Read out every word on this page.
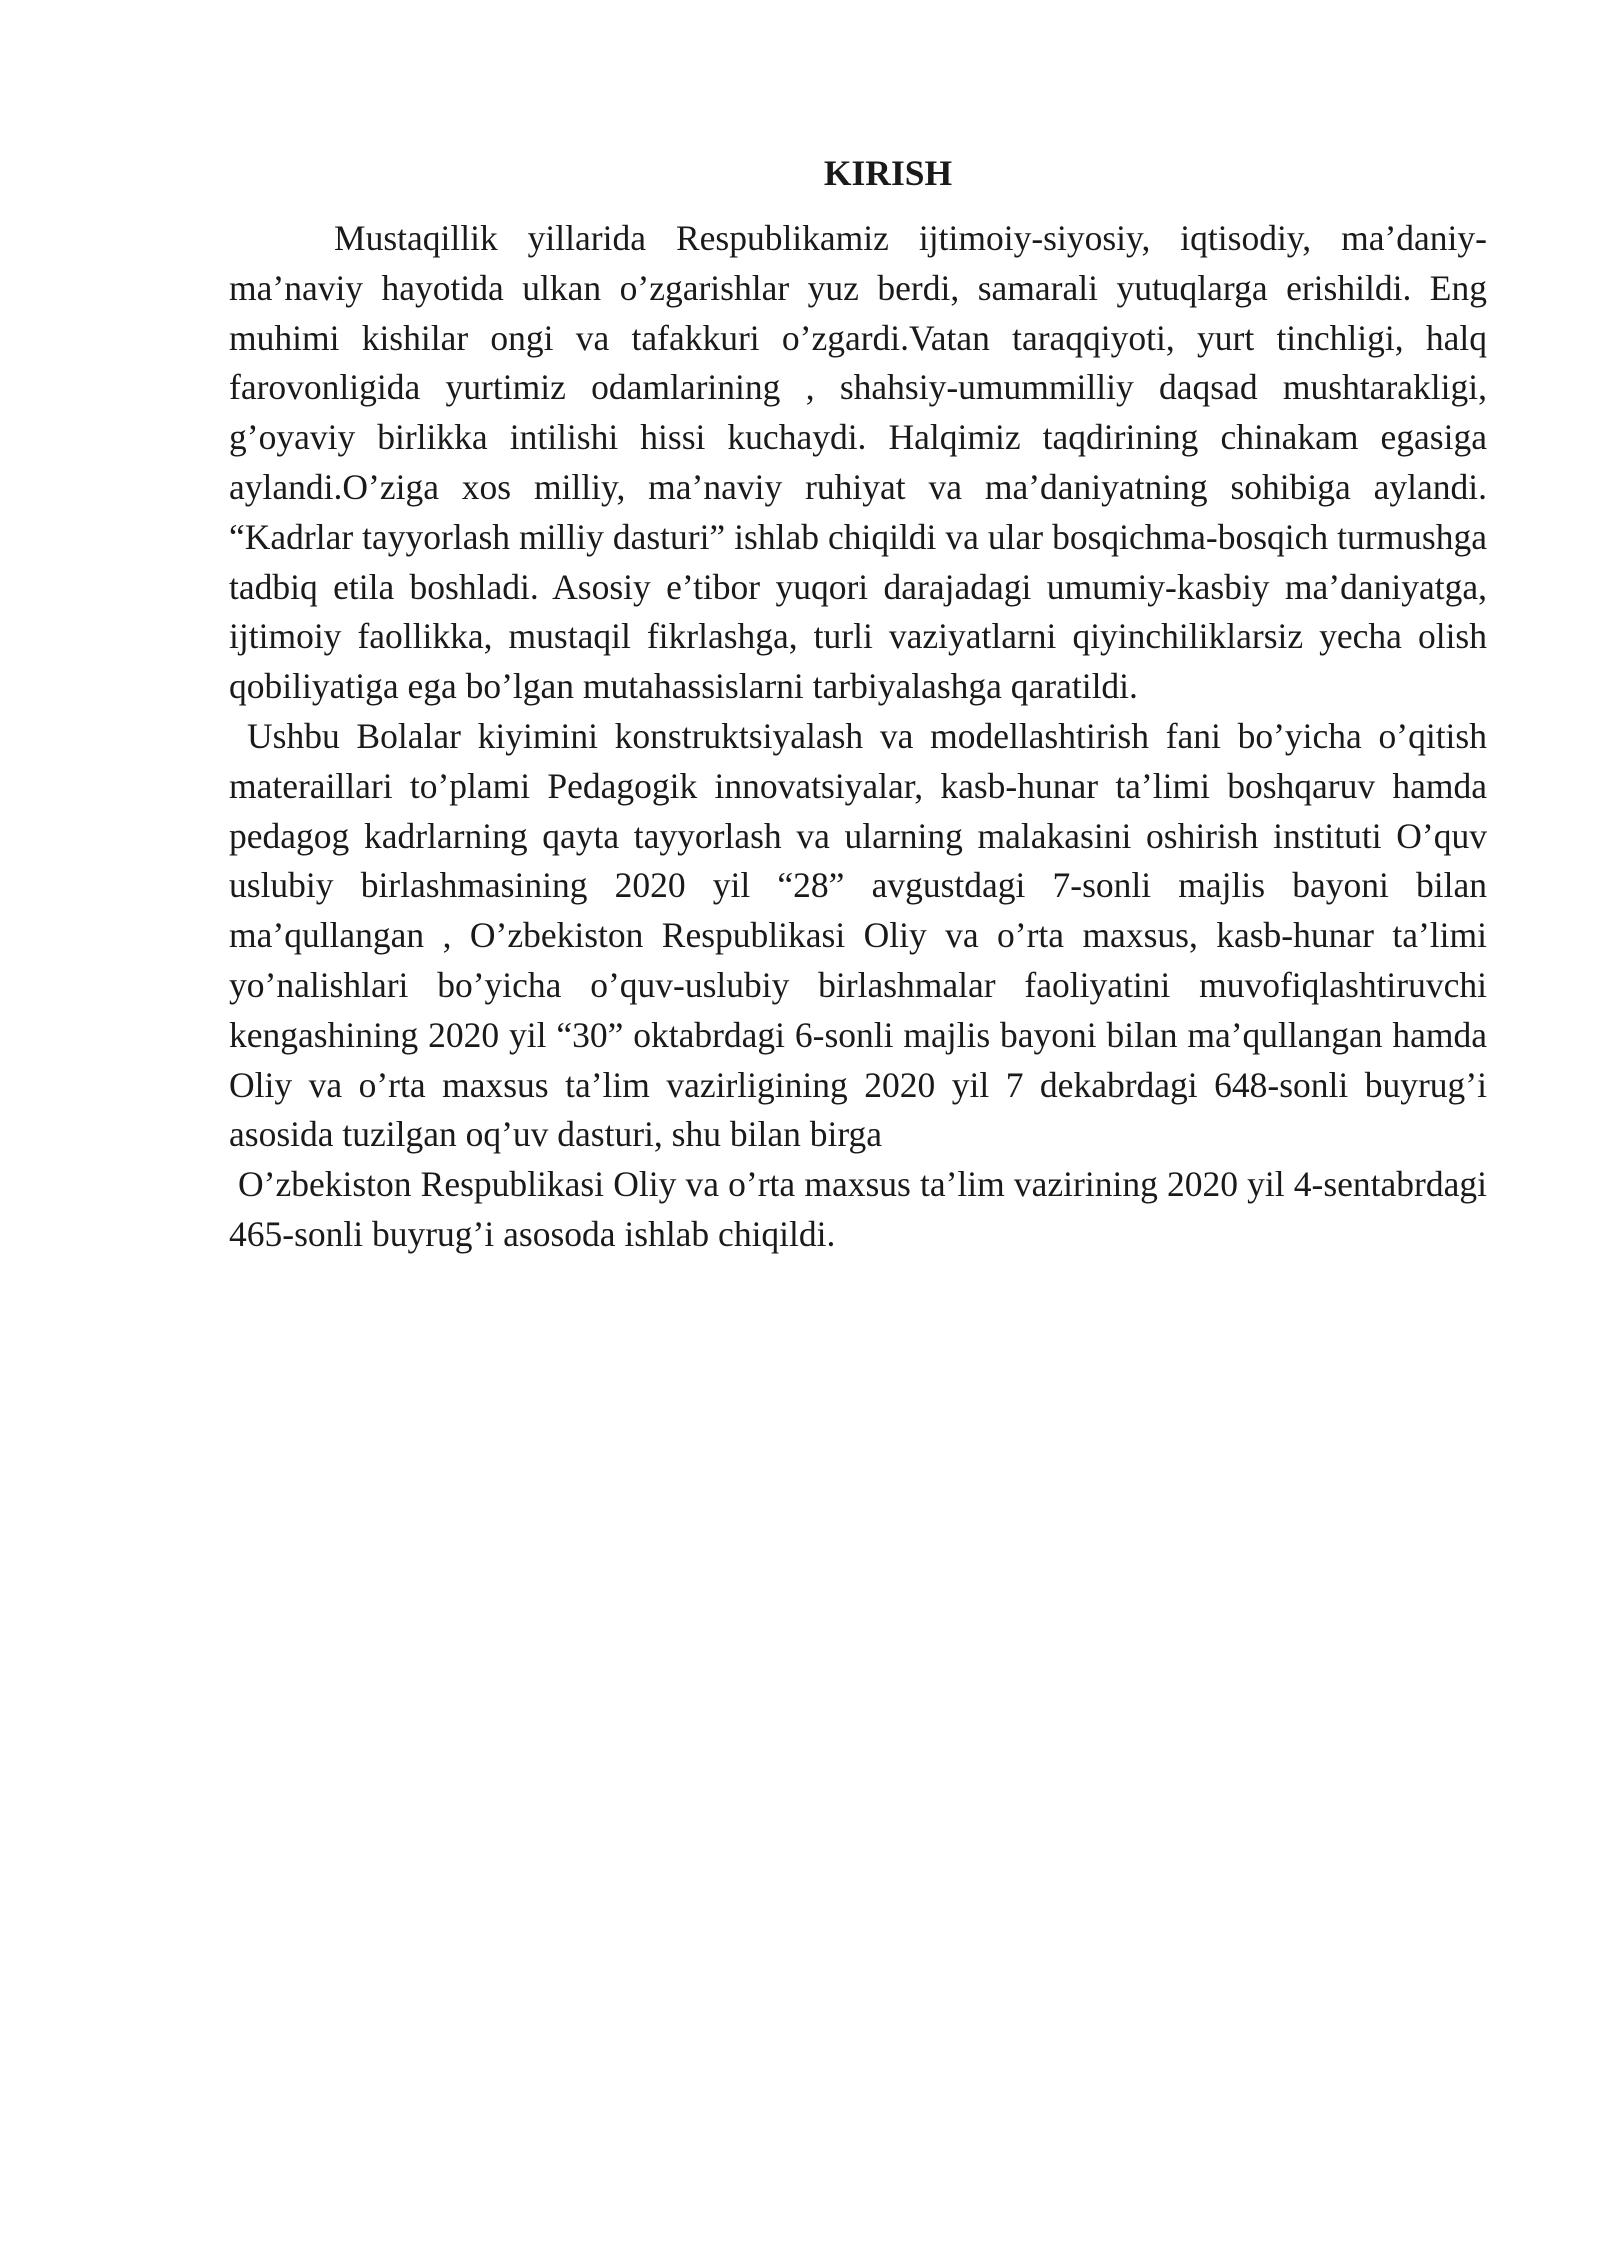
KIRISH

Mustaqillik yillarida Respublikamiz ijtimoiy-siyosiy, iqtisodiy, ma’daniy-ma’naviy hayotida ulkan o’zgarishlar yuz berdi, samarali yutuqlarga erishildi. Eng muhimi kishilar ongi va tafakkuri o’zgardi.Vatan taraqqiyoti, yurt tinchligi, halq farovonligida yurtimiz odamlarining , shahsiy-umummilliy daqsad mushtarakligi, g’oyaviy birlikka intilishi hissi kuchaydi. Halqimiz taqdirining chinakam egasiga aylandi.O’ziga xos milliy, ma’naviy ruhiyat va ma’daniyatning sohibiga aylandi. “Kadrlar tayyorlash milliy dasturi” ishlab chiqildi va ular bosqichma-bosqich turmushga tadbiq etila boshladi. Asosiy e’tibor yuqori darajadagi umumiy-kasbiy ma’daniyatga, ijtimoiy faollikka, mustaqil fikrlashga, turli vaziyatlarni qiyinchiliklarsiz yecha olish qobiliyatiga ega bo’lgan mutahassislarni tarbiyalashga qaratildi.

Ushbu Bolalar kiyimini konstruktsiyalash va modellashtirish fani bo’yicha o’qitish materaillari to’plami Pedagogik innovatsiyalar, kasb-hunar ta’limi boshqaruv hamda pedagog kadrlarning qayta tayyorlash va ularning malakasini oshirish instituti O’quv uslubiy birlashmasining 2020 yil “28” avgustdagi 7-sonli majlis bayoni bilan ma’qullangan , O’zbekiston Respublikasi Oliy va o’rta maxsus, kasb-hunar ta’limi yo’nalishlari bo’yicha o’quv-uslubiy birlashmalar faoliyatini muvofiqlashtiruvchi kengashining 2020 yil “30” oktabrdagi 6-sonli majlis bayoni bilan ma’qullangan hamda Oliy va o’rta maxsus ta’lim vazirligining 2020 yil 7 dekabrdagi 648-sonli buyrug’i asosida tuzilgan oq’uv dasturi, shu bilan birga

O’zbekiston Respublikasi Oliy va o’rta maxsus ta’lim vazirining 2020 yil 4-sentabrdagi 465-sonli buyrug’i asosoda ishlab chiqildi.
